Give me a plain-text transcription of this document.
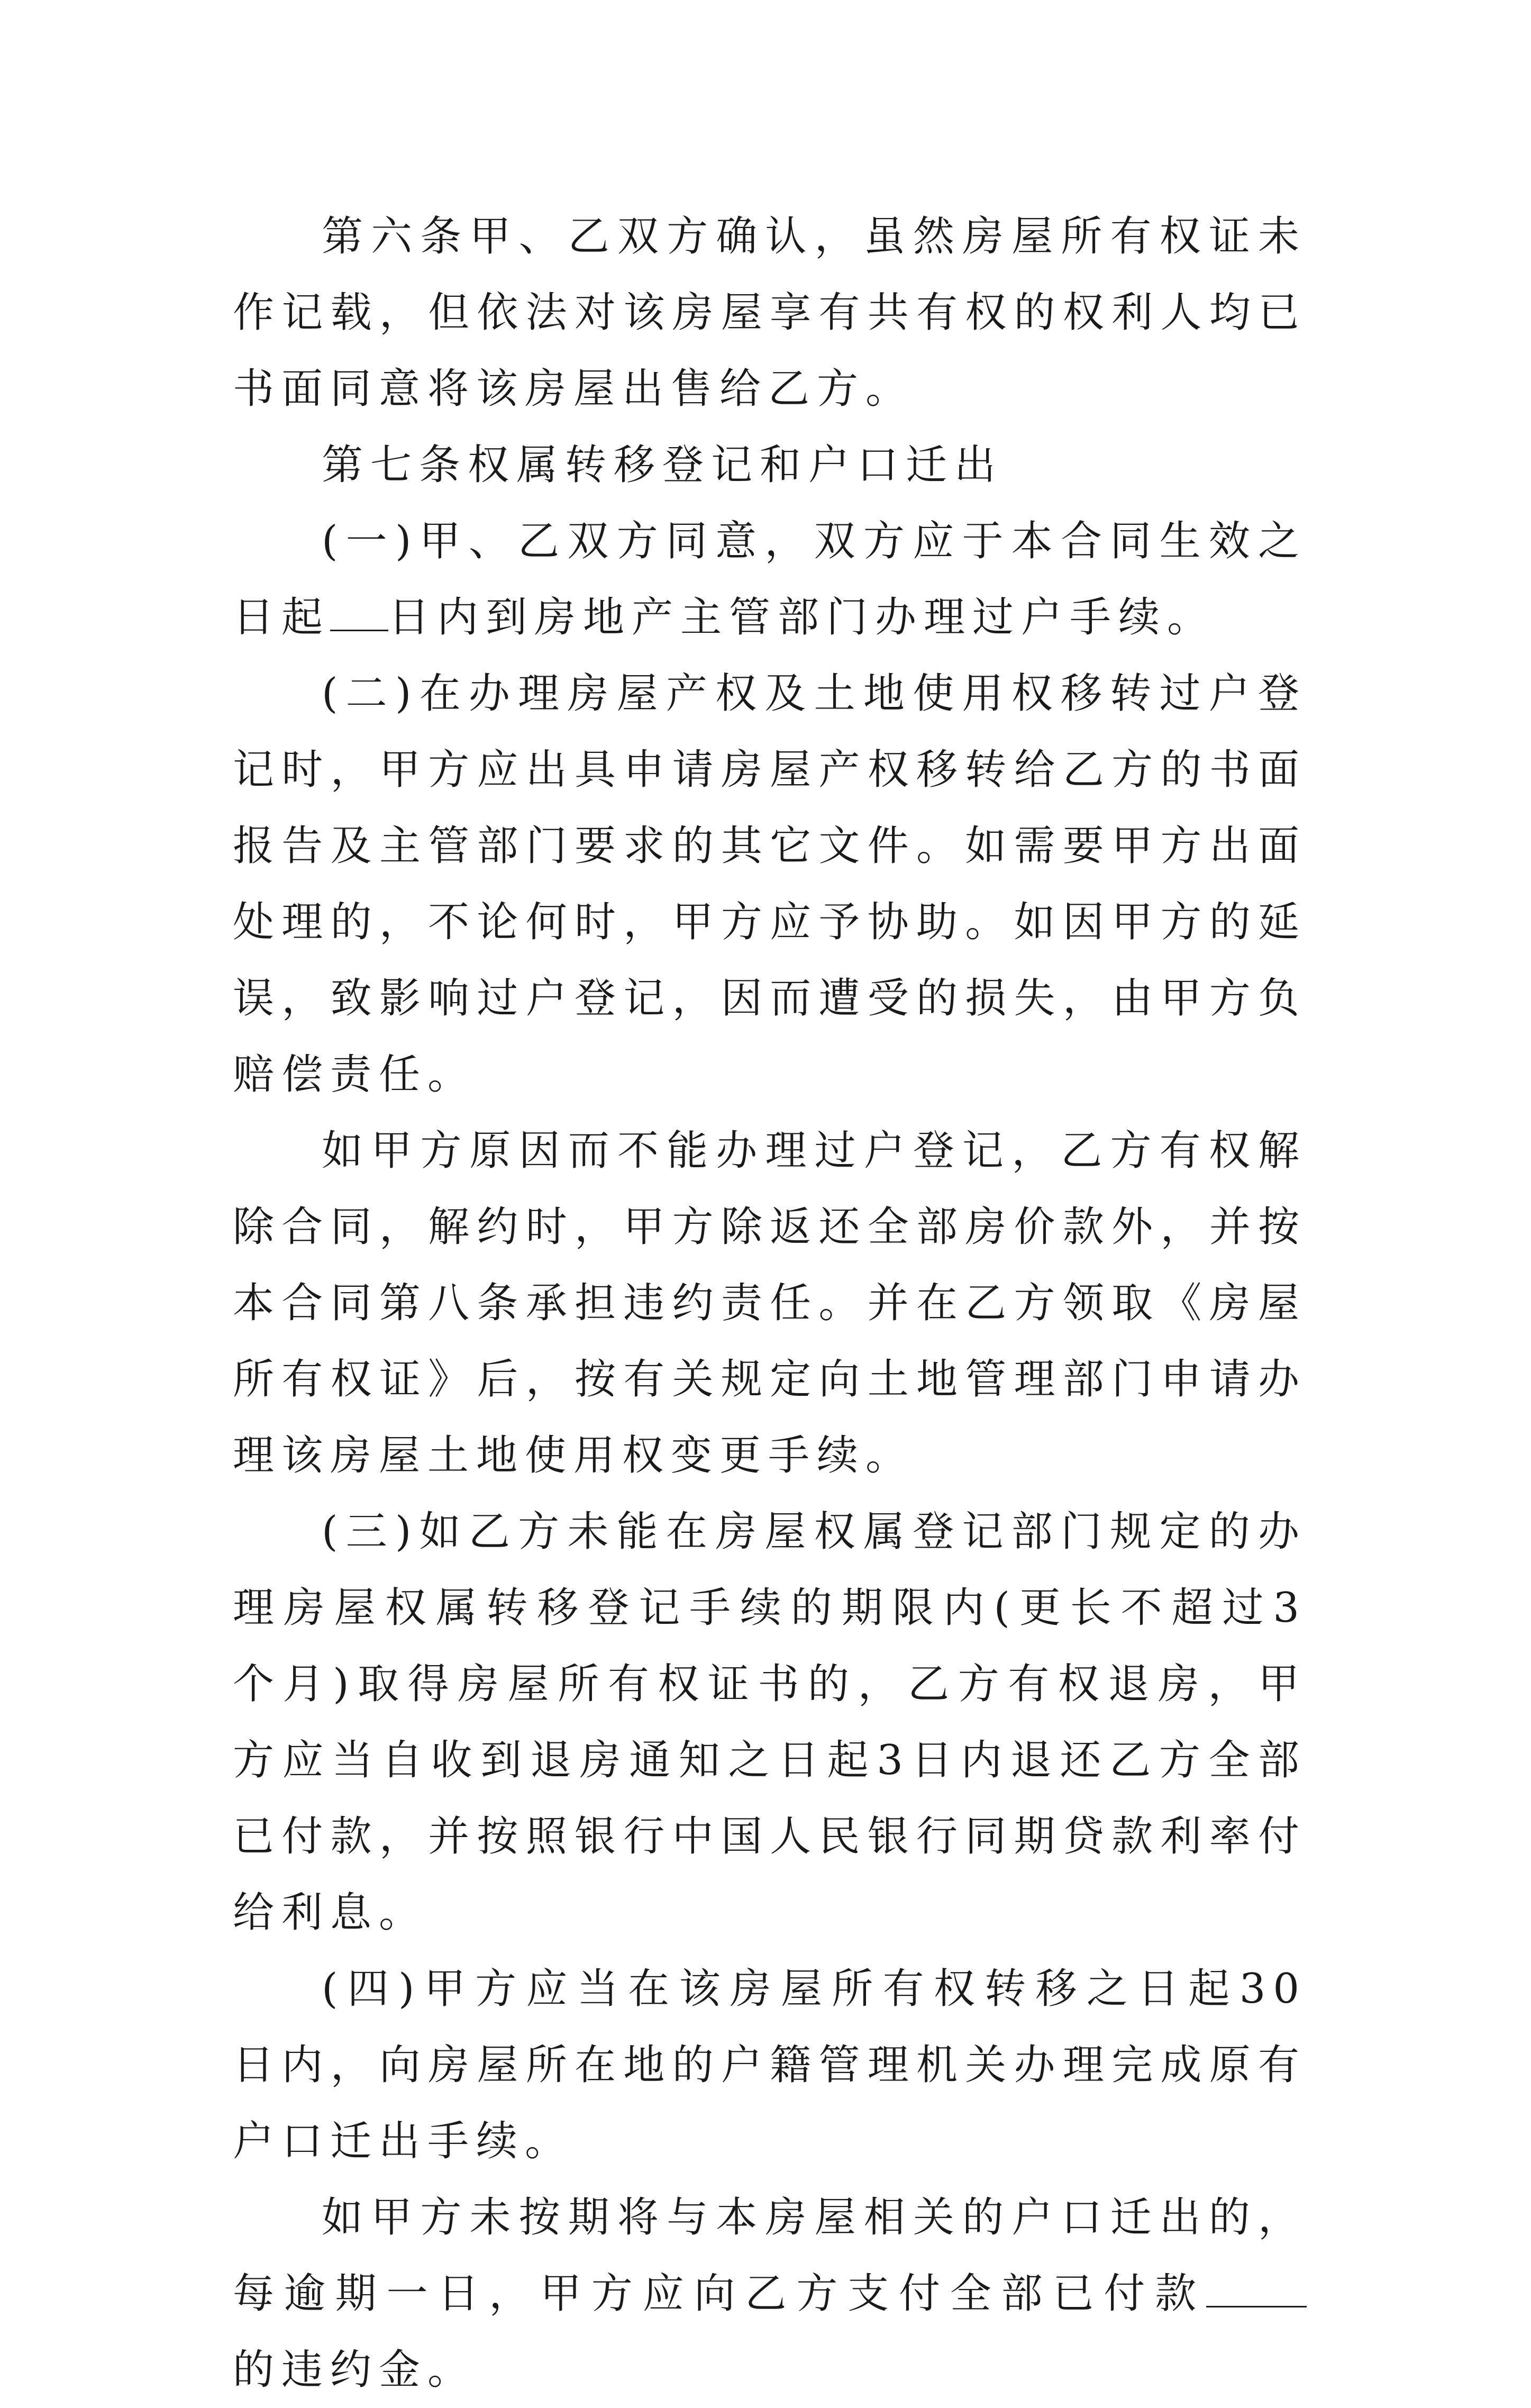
第六条甲、乙双方确认，虽然房屋所有权证未作记载，但依法对该房屋享有共有权的权利人均已书面同意将该房屋出售给乙方。

第七条权属转移登记和户口迁出

(一)甲、乙双方同意，双方应于本合同生效之日起 日内到房地产主管部门办理过户手续。

(二)在办理房屋产权及土地使用权移转过户登记时，甲方应出具申请房屋产权移转给乙方的书面报告及主管部门要求的其它文件。如需要甲方出面处理的，不论何时，甲方应予协助。如因甲方的延误，致影响过户登记，因而遭受的损失，由甲方负赔偿责任。

如甲方原因而不能办理过户登记，乙方有权解除合同，解约时，甲方除返还全部房价款外，并按本合同第八条承担违约责任。并在乙方领取《房屋所有权证》后，按有关规定向土地管理部门申请办理该房屋土地使用权变更手续。

(三)如乙方未能在房屋权属登记部门规定的办理房屋权属转移登记手续的期限内(更长不超过3个月)取得房屋所有权证书的，乙方有权退房，甲方应当自收到退房通知之日起3日内退还乙方全部已付款，并按照银行中国人民银行同期贷款利率付给利息。

(四)甲方应当在该房屋所有权转移之日起30日内，向房屋所在地的户籍管理机关办理完成原有户口迁出手续。

如甲方未按期将与本房屋相关的户口迁出的，每逾期一日，甲方应向乙方支付全部已付款的违约金。
